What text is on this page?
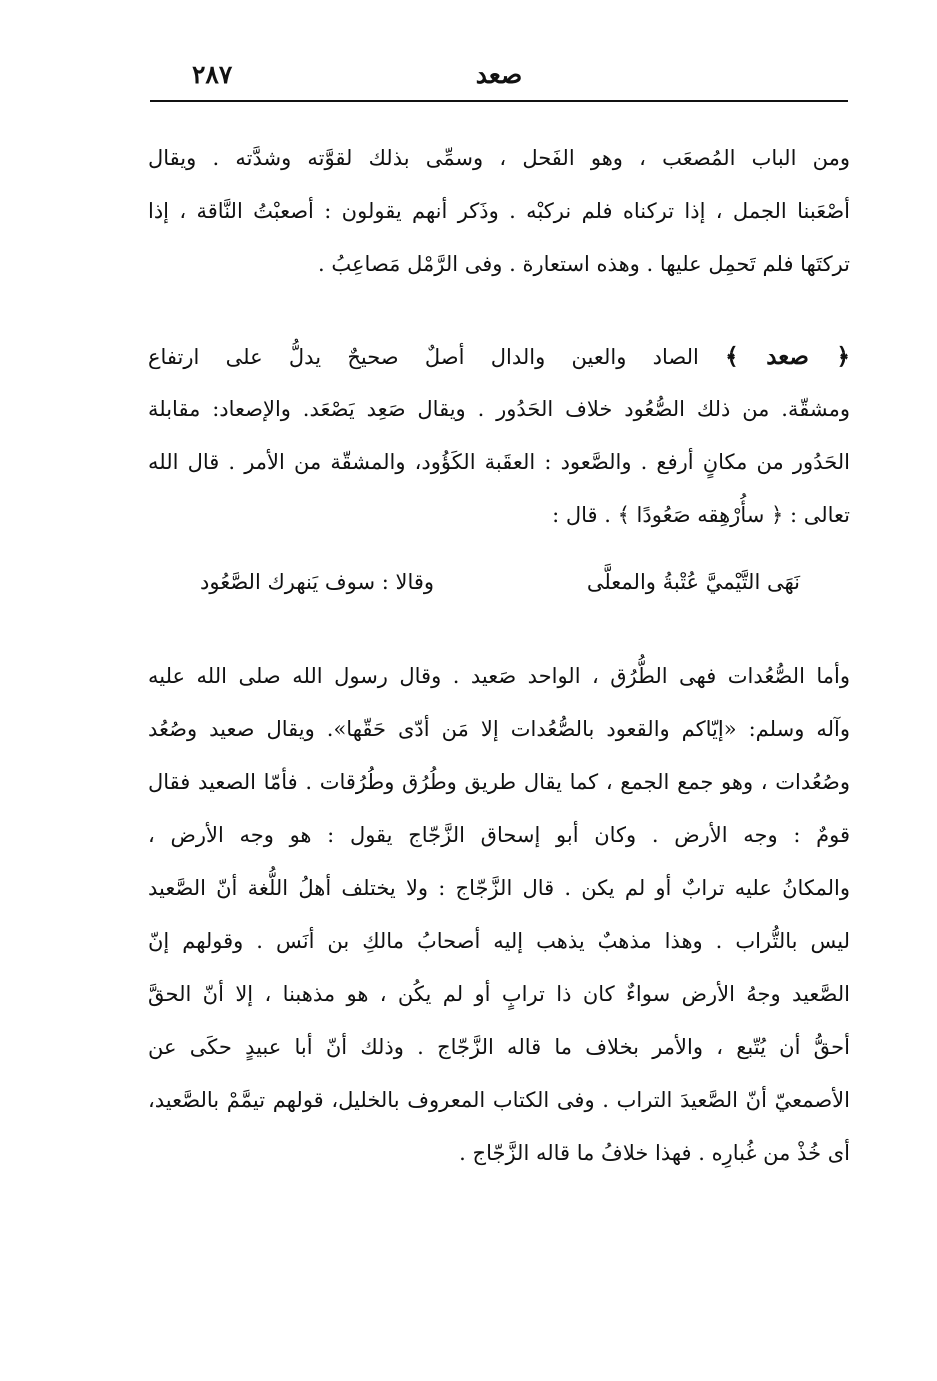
٢٨٧	صعد
ومن الباب المُصعَب ، وهو الفَحل ، وسمِّى بذلك لقوَّته وشدَّته . ويقال
أصْعَبنا الجمل ، إذا تركناه فلم نركبْه . وذَكر أنهم يقولون : أصعبْتُ النَّاقة ، إذا
تركتَها فلم تَحمِل عليها . وهذه استعارة . وفى الرَّمْل مَصاعِبُ .
﴿ صعد ﴾ الصاد والعين والدال أصلٌ صحيحٌ يدلُّ على ارتفاع
ومشقّة. من ذلك الصُّعُود خلاف الحَدُور . ويقال صَعِد يَصْعَد. والإصعاد: مقابلة
الحَدُور من مكانٍ أرفع . والصَّعود : العقَبة الكَؤُود، والمشقّة من الأمر . قال الله
تعالى : ﴿ سأُرْهِقه صَعُودًا ﴾ . قال :
نَهَى التَّيْميَّ عُتْبةُ والمعلَّى
وقالا : سوف يَنهرك الصَّعُود
وأما الصُّعُدات فهى الطُّرُق ، الواحد صَعيد . وقال رسول الله صلى الله عليه
وآله وسلم: «إيّاكم والقعود بالصُّعُدات إلا مَن أدّى حَقّها». ويقال صعيد وصُعُد
وصُعُدات ، وهو جمع الجمع ، كما يقال طريق وطُرُق وطُرُقات . فأمّا الصعيد فقال
قومٌ : وجه الأرض . وكان أبو إسحاق الزَّجّاج يقول : هو وجه الأرض ،
والمكانُ عليه ترابٌ أو لم يكن . قال الزَّجّاج : ولا يختلف أهلُ اللُّغة أنّ الصَّعيد
ليس بالتُّراب . وهذا مذهبٌ يذهب إليه أصحابُ مالكِ بن أنَس . وقولهم إنّ
الصَّعيد وجهُ الأرض سواءٌ كان ذا ترابٍ أو لم يكُن ، هو مذهبنا ، إلا أنّ الحقَّ
أحقُّ أن يُتّبع ، والأمر بخلاف ما قاله الزَّجّاج . وذلك أنّ أبا عبيدٍ حكَى عن
الأصمعيّ أنّ الصَّعيدَ التراب . وفى الكتاب المعروف بالخليل، قولهم تيمَّمْ بالصَّعيد،
أى خُذْ من غُبارِه . فهذا خلافُ ما قاله الزَّجّاج .
